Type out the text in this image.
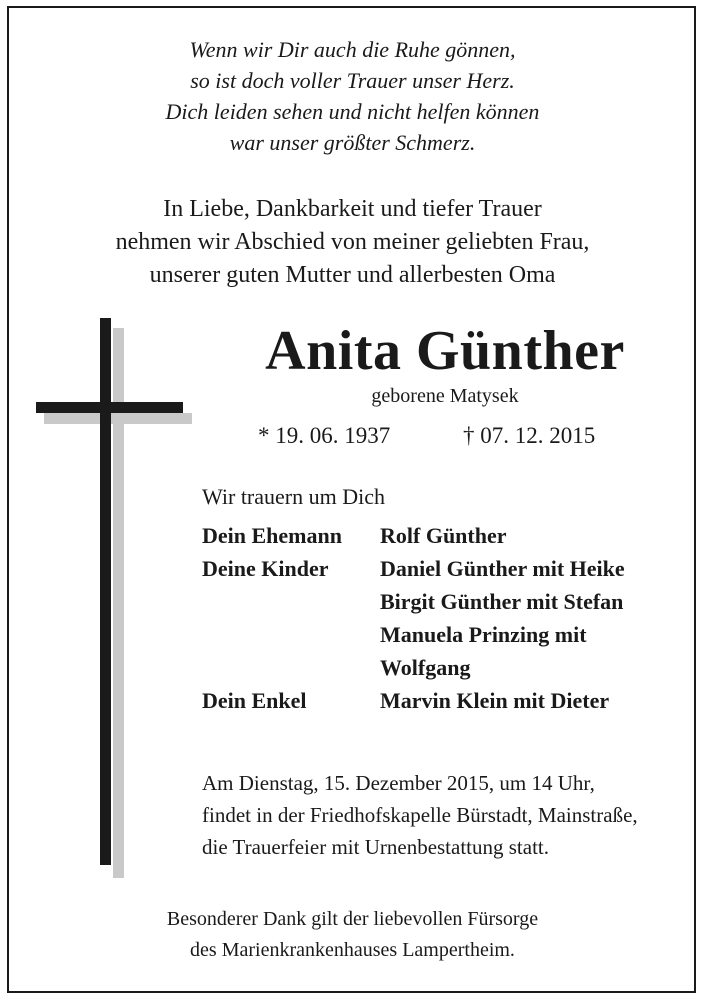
Wenn wir Dir auch die Ruhe gönnen,
so ist doch voller Trauer unser Herz.
Dich leiden sehen und nicht helfen können
war unser größter Schmerz.
In Liebe, Dankbarkeit und tiefer Trauer
nehmen wir Abschied von meiner geliebten Frau,
unserer guten Mutter und allerbesten Oma
Anita Günther
geborene Matysek
* 19. 06. 1937	† 07. 12. 2015
Wir trauern um Dich
Dein Ehemann	Rolf Günther
Deine Kinder	Daniel Günther mit Heike
Birgit Günther mit Stefan
Manuela Prinzing mit
Wolfgang
Dein Enkel	Marvin Klein mit Dieter
Am Dienstag, 15. Dezember 2015, um 14 Uhr,
findet in der Friedhofskapelle Bürstadt, Mainstraße,
die Trauerfeier mit Urnenbestattung statt.
Besonderer Dank gilt der liebevollen Fürsorge
des Marienkrankenhauses Lampertheim.
